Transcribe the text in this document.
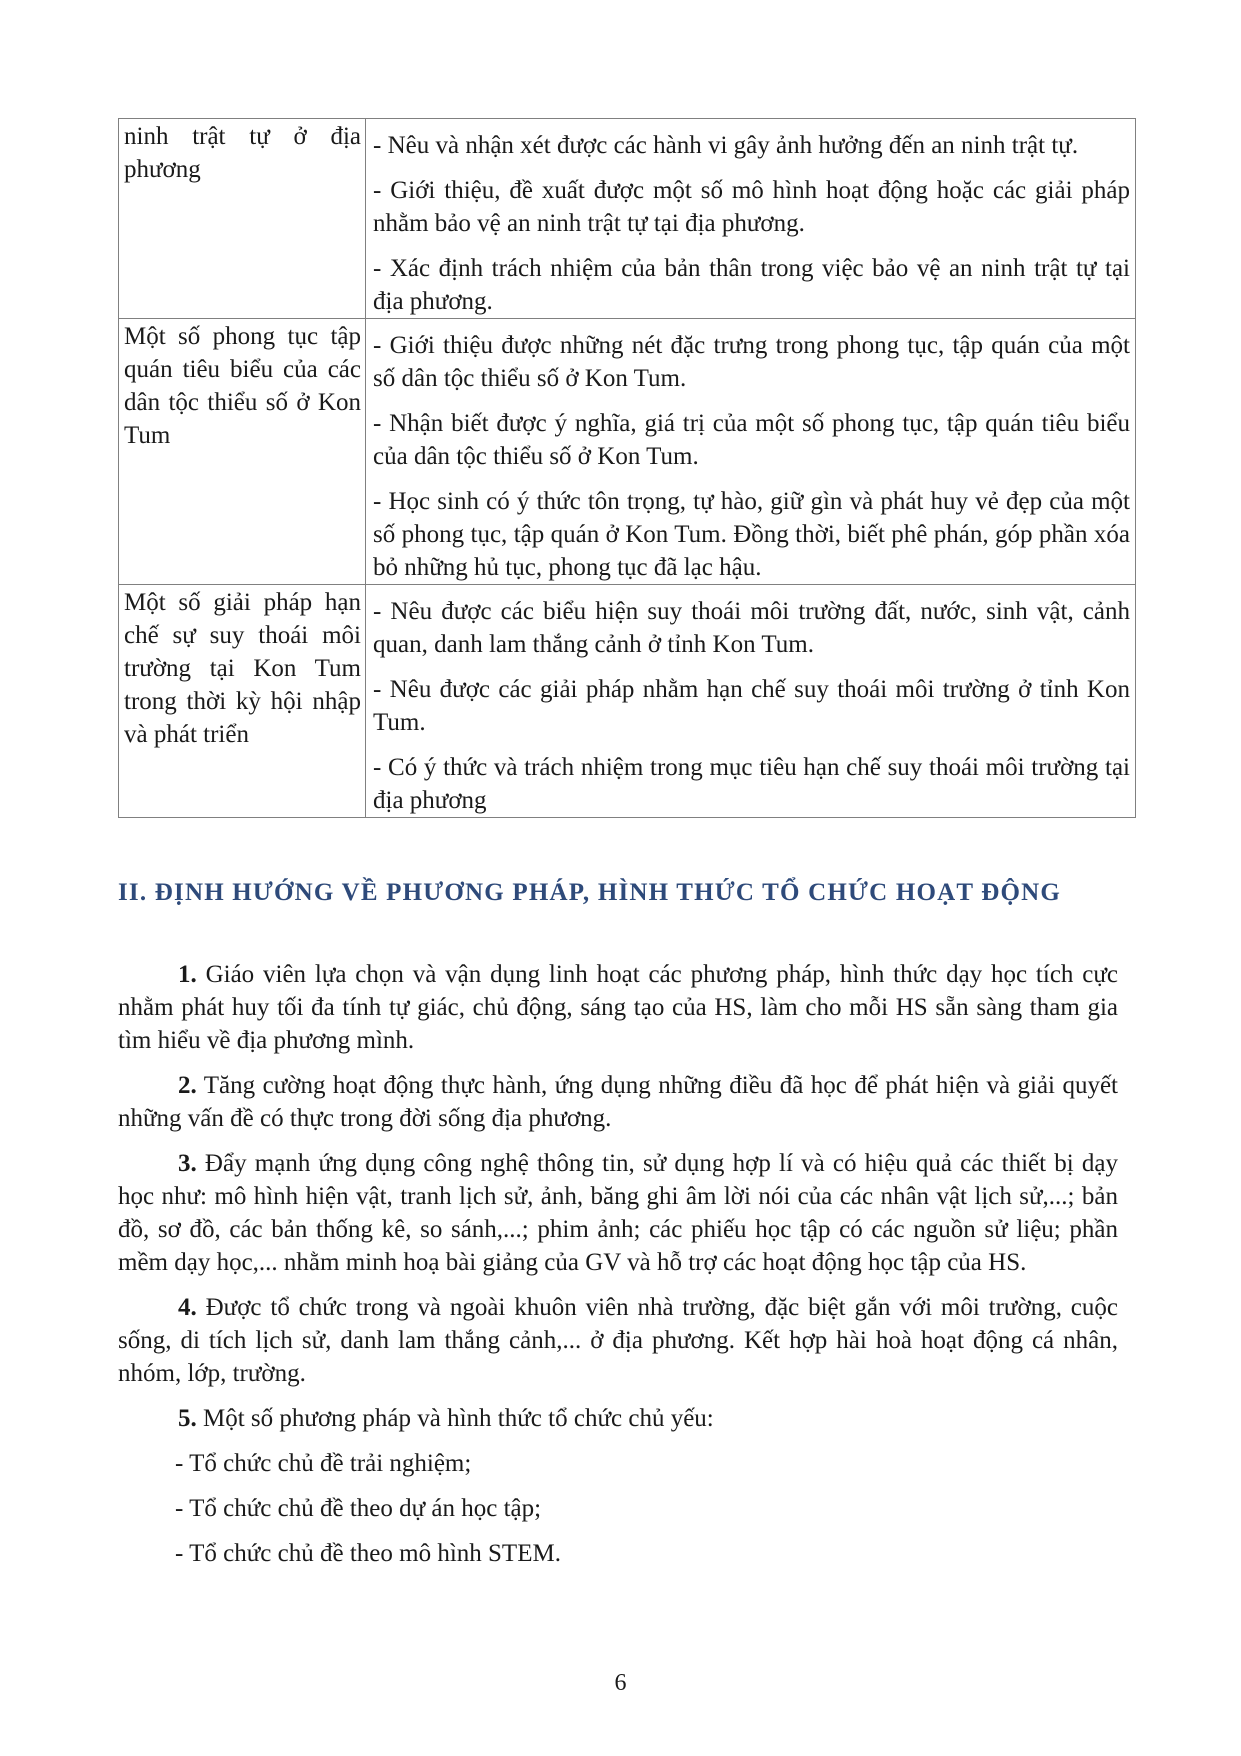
ninh trật tự ở địa phương	- Nêu và nhận xét được các hành vi gây ảnh hưởng đến an ninh trật tự.

- Giới thiệu, đề xuất được một số mô hình hoạt động hoặc các giải pháp nhằm bảo vệ an ninh trật tự tại địa phương.

- Xác định trách nhiệm của bản thân trong việc bảo vệ an ninh trật tự tại địa phương.

Một số phong tục tập quán tiêu biểu của các dân tộc thiểu số ở Kon Tum	- Giới thiệu được những nét đặc trưng trong phong tục, tập quán của một số dân tộc thiểu số ở Kon Tum.

- Nhận biết được ý nghĩa, giá trị của một số phong tục, tập quán tiêu biểu của dân tộc thiểu số ở Kon Tum.

- Học sinh có ý thức tôn trọng, tự hào, giữ gìn và phát huy vẻ đẹp của một số phong tục, tập quán ở Kon Tum. Đồng thời, biết phê phán, góp phần xóa bỏ những hủ tục, phong tục đã lạc hậu.

Một số giải pháp hạn chế sự suy thoái môi trường tại Kon Tum trong thời kỳ hội nhập và phát triển	- Nêu được các biểu hiện suy thoái môi trường đất, nước, sinh vật, cảnh quan, danh lam thắng cảnh ở tỉnh Kon Tum.

- Nêu được các giải pháp nhằm hạn chế suy thoái môi trường ở tỉnh Kon Tum.

- Có ý thức và trách nhiệm trong mục tiêu hạn chế suy thoái môi trường tại địa phương

II. ĐỊNH HƯỚNG VỀ PHƯƠNG PHÁP, HÌNH THỨC TỔ CHỨC HOẠT ĐỘNG

1. Giáo viên lựa chọn và vận dụng linh hoạt các phương pháp, hình thức dạy học tích cực nhằm phát huy tối đa tính tự giác, chủ động, sáng tạo của HS, làm cho mỗi HS sẵn sàng tham gia tìm hiểu về địa phương mình.

2. Tăng cường hoạt động thực hành, ứng dụng những điều đã học để phát hiện và giải quyết những vấn đề có thực trong đời sống địa phương.

3. Đẩy mạnh ứng dụng công nghệ thông tin, sử dụng hợp lí và có hiệu quả các thiết bị dạy học như: mô hình hiện vật, tranh lịch sử, ảnh, băng ghi âm lời nói của các nhân vật lịch sử,...; bản đồ, sơ đồ, các bản thống kê, so sánh,...; phim ảnh; các phiếu học tập có các nguồn sử liệu; phần mềm dạy học,... nhằm minh hoạ bài giảng của GV và hỗ trợ các hoạt động học tập của HS.

4. Được tổ chức trong và ngoài khuôn viên nhà trường, đặc biệt gắn với môi trường, cuộc sống, di tích lịch sử, danh lam thắng cảnh,... ở địa phương. Kết hợp hài hoà hoạt động cá nhân, nhóm, lớp, trường.

5. Một số phương pháp và hình thức tổ chức chủ yếu:

- Tổ chức chủ đề trải nghiệm;

- Tổ chức chủ đề theo dự án học tập;

- Tổ chức chủ đề theo mô hình STEM.

6
